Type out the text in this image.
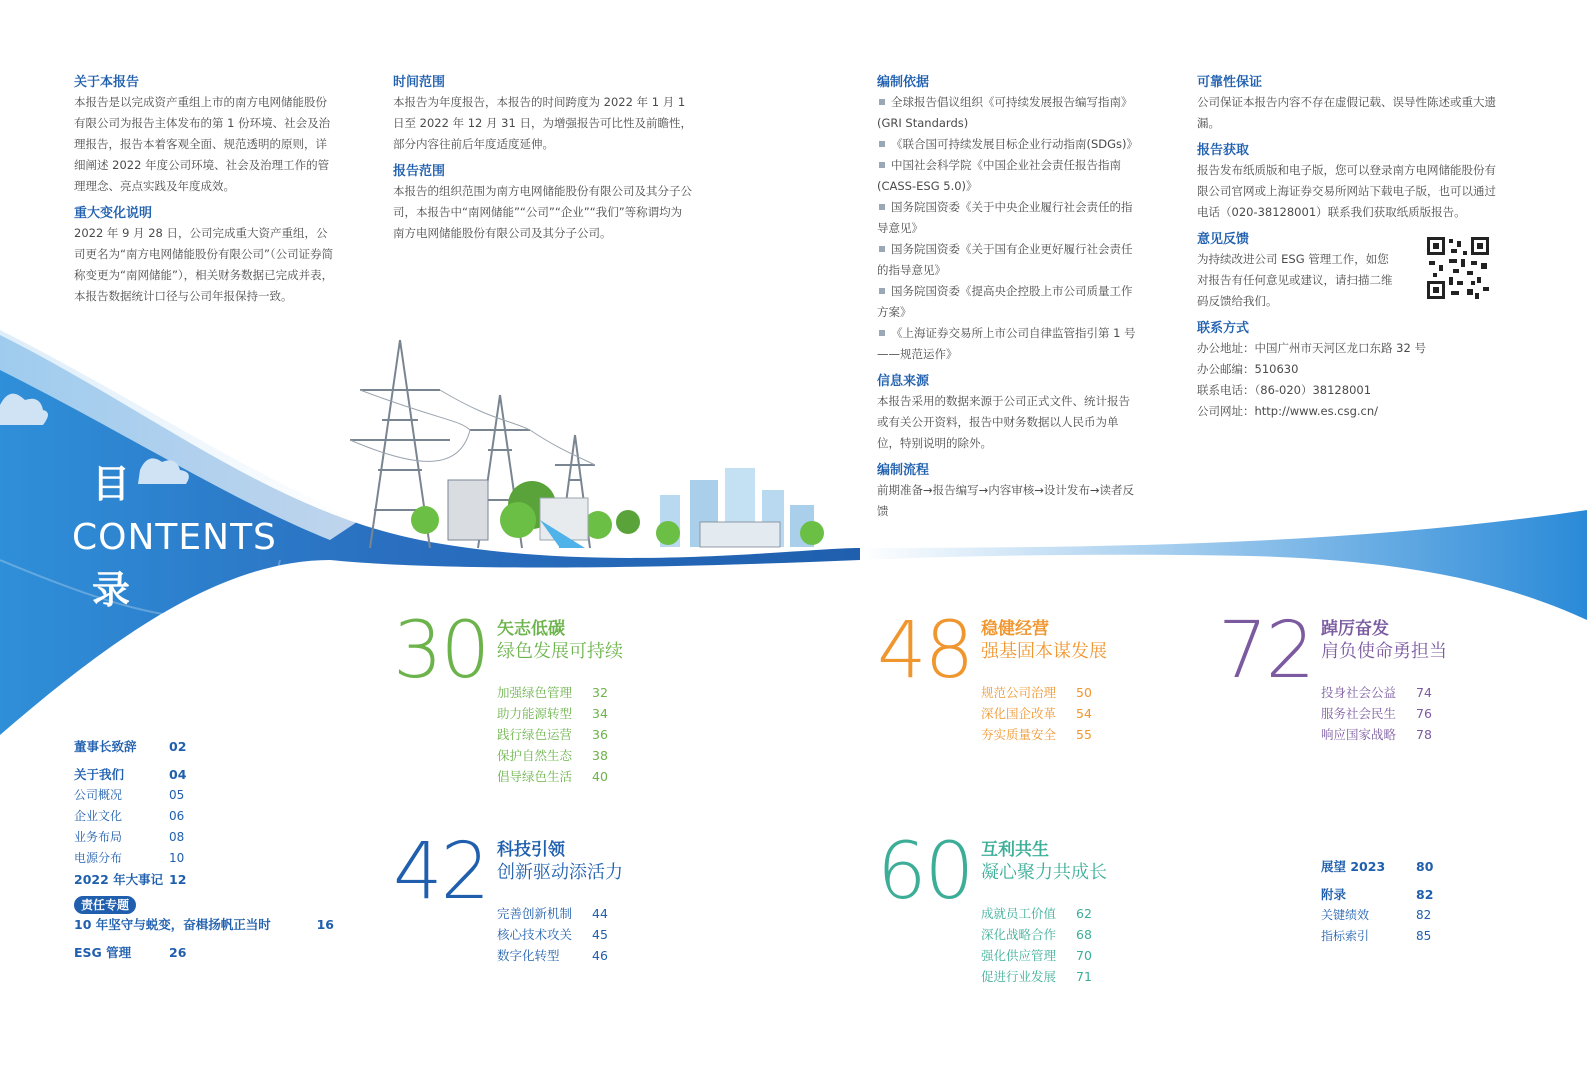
关于本报告

本报告是以完成资产重组上市的南方电网储能股份有限公司为报告主体发布的第 1 份环境、社会及治理报告，报告本着客观全面、规范透明的原则，详细阐述 2022 年度公司环境、社会及治理工作的管理理念、亮点实践及年度成效。

重大变化说明

2022 年 9 月 28 日，公司完成重大资产重组，公司更名为“南方电网储能股份有限公司”（公司证券简称变更为“南网储能”），相关财务数据已完成并表，本报告数据统计口径与公司年报保持一致。

时间范围

本报告为年度报告，本报告的时间跨度为 2022 年 1 月 1 日至 2022 年 12 月 31 日，为增强报告可比性及前瞻性，部分内容往前后年度适度延伸。

报告范围

本报告的组织范围为南方电网储能股份有限公司及其分子公司，本报告中“南网储能”“公司”“企业”“我们”等称谓均为南方电网储能股份有限公司及其分子公司。

编制依据

全球报告倡议组织《可持续发展报告编写指南》(GRI Standards)

《联合国可持续发展目标企业行动指南(SDGs)》

中国社会科学院《中国企业社会责任报告指南(CASS-ESG 5.0)》

国务院国资委《关于中央企业履行社会责任的指导意见》

国务院国资委《关于国有企业更好履行社会责任的指导意见》

国务院国资委《提高央企控股上市公司质量工作方案》

《上海证券交易所上市公司自律监管指引第 1 号——规范运作》

信息来源

本报告采用的数据来源于公司正式文件、统计报告或有关公开资料，报告中财务数据以人民币为单位，特别说明的除外。

编制流程

前期准备→报告编写→内容审核→设计发布→读者反馈

可靠性保证

公司保证本报告内容不存在虚假记载、误导性陈述或重大遗漏。

报告获取

报告发布纸质版和电子版，您可以登录南方电网储能股份有限公司官网或上海证券交易所网站下载电子版，也可以通过电话（020-38128001）联系我们获取纸质版报告。

意见反馈

为持续改进公司 ESG 管理工作，如您对报告有任何意见或建议，请扫描二维码反馈给我们。

联系方式

办公地址：中国广州市天河区龙口东路 32 号

办公邮编：510630

联系电话：（86-020）38128001

公司网址：http://www.es.csg.cn/

目
CONTENTS
录
董事长致辞	02
关于我们	04
公司概况	05
企业文化	06
业务布局	08
电源分布	10
2022 年大事记 12
责任专题
10 年坚守与蜕变，奋楫扬帆正当时	16
ESG 管理	26
30 矢志低碳
绿色发展可持续
加强绿色管理	32
助力能源转型	34
践行绿色运营	36
保护自然生态	38
倡导绿色生活	40
48 稳健经营
强基固本谋发展
规范公司治理	50
深化国企改革	54
夯实质量安全	55
72 踔厉奋发
肩负使命勇担当
投身社会公益	74
服务社会民生	76
响应国家战略	78
42 科技引领
创新驱动添活力
完善创新机制	44
核心技术攻关	45
数字化转型	46
60 互利共生
凝心聚力共成长
成就员工价值	62
深化战略合作	68
强化供应管理	70
促进行业发展	71
展望 2023	80
附录	82
关键绩效	82
指标索引	85
